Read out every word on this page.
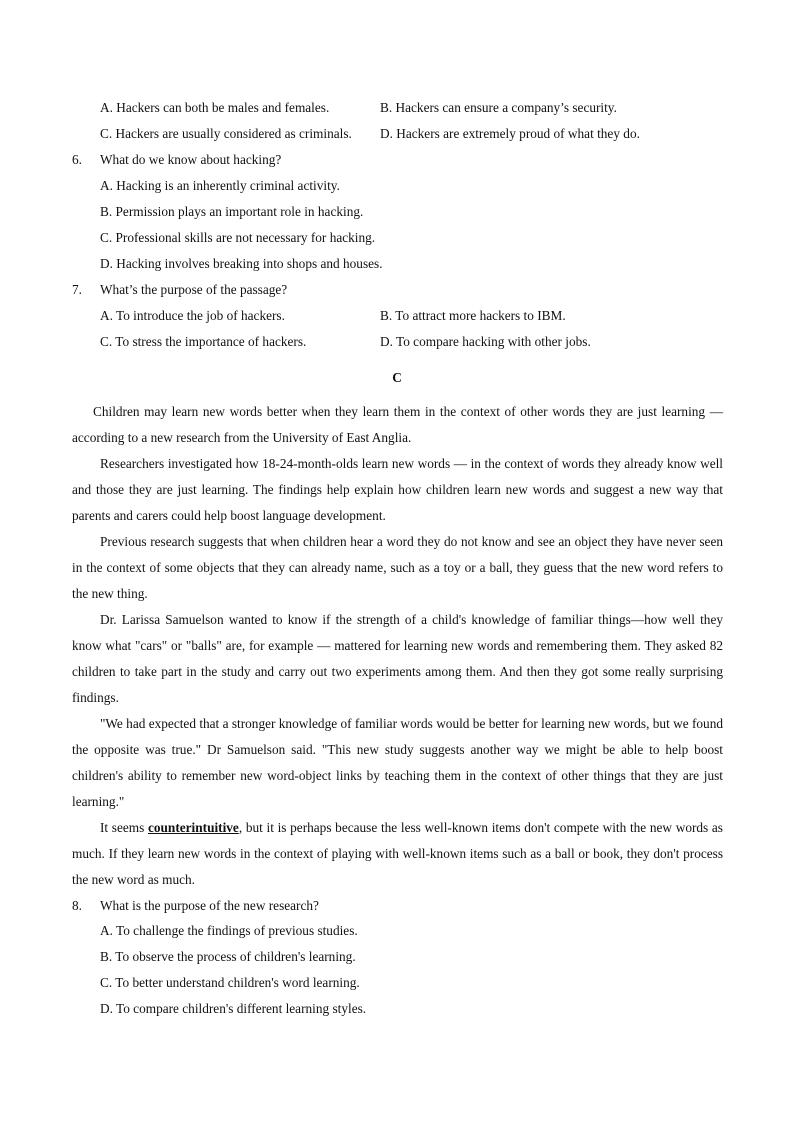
A. Hackers can both be males and females.	B. Hackers can ensure a company’s security.
C. Hackers are usually considered as criminals. D. Hackers are extremely proud of what they do.
6. What do we know about hacking?
A. Hacking is an inherently criminal activity.
B. Permission plays an important role in hacking.
C. Professional skills are not necessary for hacking.
D. Hacking involves breaking into shops and houses.
7. What’s the purpose of the passage?
A. To introduce the job of hackers.	B. To attract more hackers to IBM.
C. To stress the importance of hackers.	D. To compare hacking with other jobs.
C
Children may learn new words better when they learn them in the context of other words they are just learning — according to a new research from the University of East Anglia.
Researchers investigated how 18-24-month-olds learn new words — in the context of words they already know well and those they are just learning. The findings help explain how children learn new words and suggest a new way that parents and carers could help boost language development.
Previous research suggests that when children hear a word they do not know and see an object they have never seen in the context of some objects that they can already name, such as a toy or a ball, they guess that the new word refers to the new thing.
Dr. Larissa Samuelson wanted to know if the strength of a child's knowledge of familiar things—how well they know what "cars" or "balls" are, for example — mattered for learning new words and remembering them. They asked 82 children to take part in the study and carry out two experiments among them. And then they got some really surprising findings.
"We had expected that a stronger knowledge of familiar words would be better for learning new words, but we found the opposite was true." Dr Samuelson said. "This new study suggests another way we might be able to help boost children's ability to remember new word-object links by teaching them in the context of other things that they are just learning."
It seems counterintuitive, but it is perhaps because the less well-known items don't compete with the new words as much. If they learn new words in the context of playing with well-known items such as a ball or book, they don't process the new word as much.
8. What is the purpose of the new research?
A. To challenge the findings of previous studies.
B. To observe the process of children's learning.
C. To better understand children's word learning.
D. To compare children's different learning styles.
